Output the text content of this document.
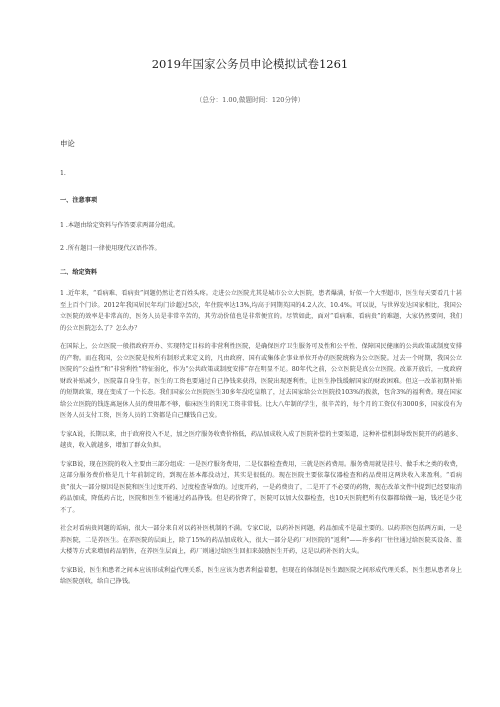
2019年国家公务员申论模拟试卷1261
（总分：1.00,做题时间：120分钟）
申论
1.
一、注意事项
1 .本题由给定资料与作答要求两部分组成。
2 .所有题目一律使用现代汉语作答。
二、给定资料

1 .近年来，“看病难、看病贵”问题仍然让老百姓头疼。走进公立医院尤其是城市公立大医院，患者爆满，好似一个大型超市，医生每天要看几十甚至上百个门诊。2012年我国居民年均门诊超过5次，年住院率达13%,均高于同期英国的4.2人次、10.4%。可以说，与世界发达国家相比，我国公立医院的效率是非常高的，医务人员是非常辛苦的，其劳动价值也是非常便宜的。尽管如此，面对“看病难、看病贵”的难题，大家仍然要问，我们的公立医院怎么了？怎么办？

在国际上，公立医院一般指政府开办、实现特定目标的非营利性医院，是确保医疗卫生服务可及性和公平性、保障国民健康的公共政策或制度安排的产物。而在我国，公立医院是按所有制形式来定义的，凡由政府、国有或集体企事业单位开办的医院统称为公立医院。过去一个时期，我国公立医院的“公益性”和“非营利性”特征弱化，作为“公共政策或制度安排”存在明显不足。80年代之前，公立医院是真公立医院。改革开放后，一度政府财政补贴减少，医院靠自身生存，医生的工资也要通过自己挣钱来获得，医院出现逐利性，让医生挣钱缓解国家的财政困难。但这一改革初期补贴的短期政策，现在变成了一个长态。我们国家公立医院医生30多年没吃皇粮了，过去国家给公立医院投103%的拨款，包含3%的福利费。现在国家给公立医院的钱连离退休人员的费用都不够，临床医生的阳光工资非常低。比大八年制的学生，很辛苦的，每个月的工资仅有3000多，国家没有为医务人员支付工资，医务人员的工资都是自己赚钱自己发。

专家A说，长期以来，由于政府投入不足，加之医疗服务收费价格低，药品加成收入成了医院补偿的主要渠道，这种补偿机制导致医院开的药越多、越贵，收入就越多，增加了群众负担。

专家B说，现在医院的收入主要由三部分组成：一是医疗服务费用，二是仪器检查费用，三就是医药费用。服务费用就是挂号、做手术之类的收费，这部分服务费价格是几十年前制定的，到现在基本都没动过，其实是很低的。现在医院主要依靠仪器检查和药品费用这两块收入来盈利。“看病贵”很大一部分原因是医院和医生过度开药、过度检查导致的。过度开药，一是药费贵了，二是开了不必要的药物，现在改革文件中提到已经要取消药品加成，降低药占比，医院和医生不能通过药品挣钱。但是药价降了，医院可以加大仪器检查，也10天医院把所有仪器都给做一遍，钱还是少花不了。

社会对看病贵问题的诟病，很大一部分来自对以药补医机制的不满。专家C说，以药补医问题，药品加成不是最主要的。以药养医包括两方面，一是养医院，二是养医生。在养医院的层面上，除了15%的药品加成收入，很大一部分是药厂对医院的“返利”——许多药厂往往通过给医院买设备、盖大楼等方式来增加药品销售，在养医生层面上，药厂则通过给医生回扣来鼓励医生开药，这是以药补医的大头。

专家B说，医生和患者之间本应该形成利益代理关系，医生应该为患者利益着想，但现在的体制是医生跟医院之间形成代理关系，医生想从患者身上给医院创收，给自己挣钱。
